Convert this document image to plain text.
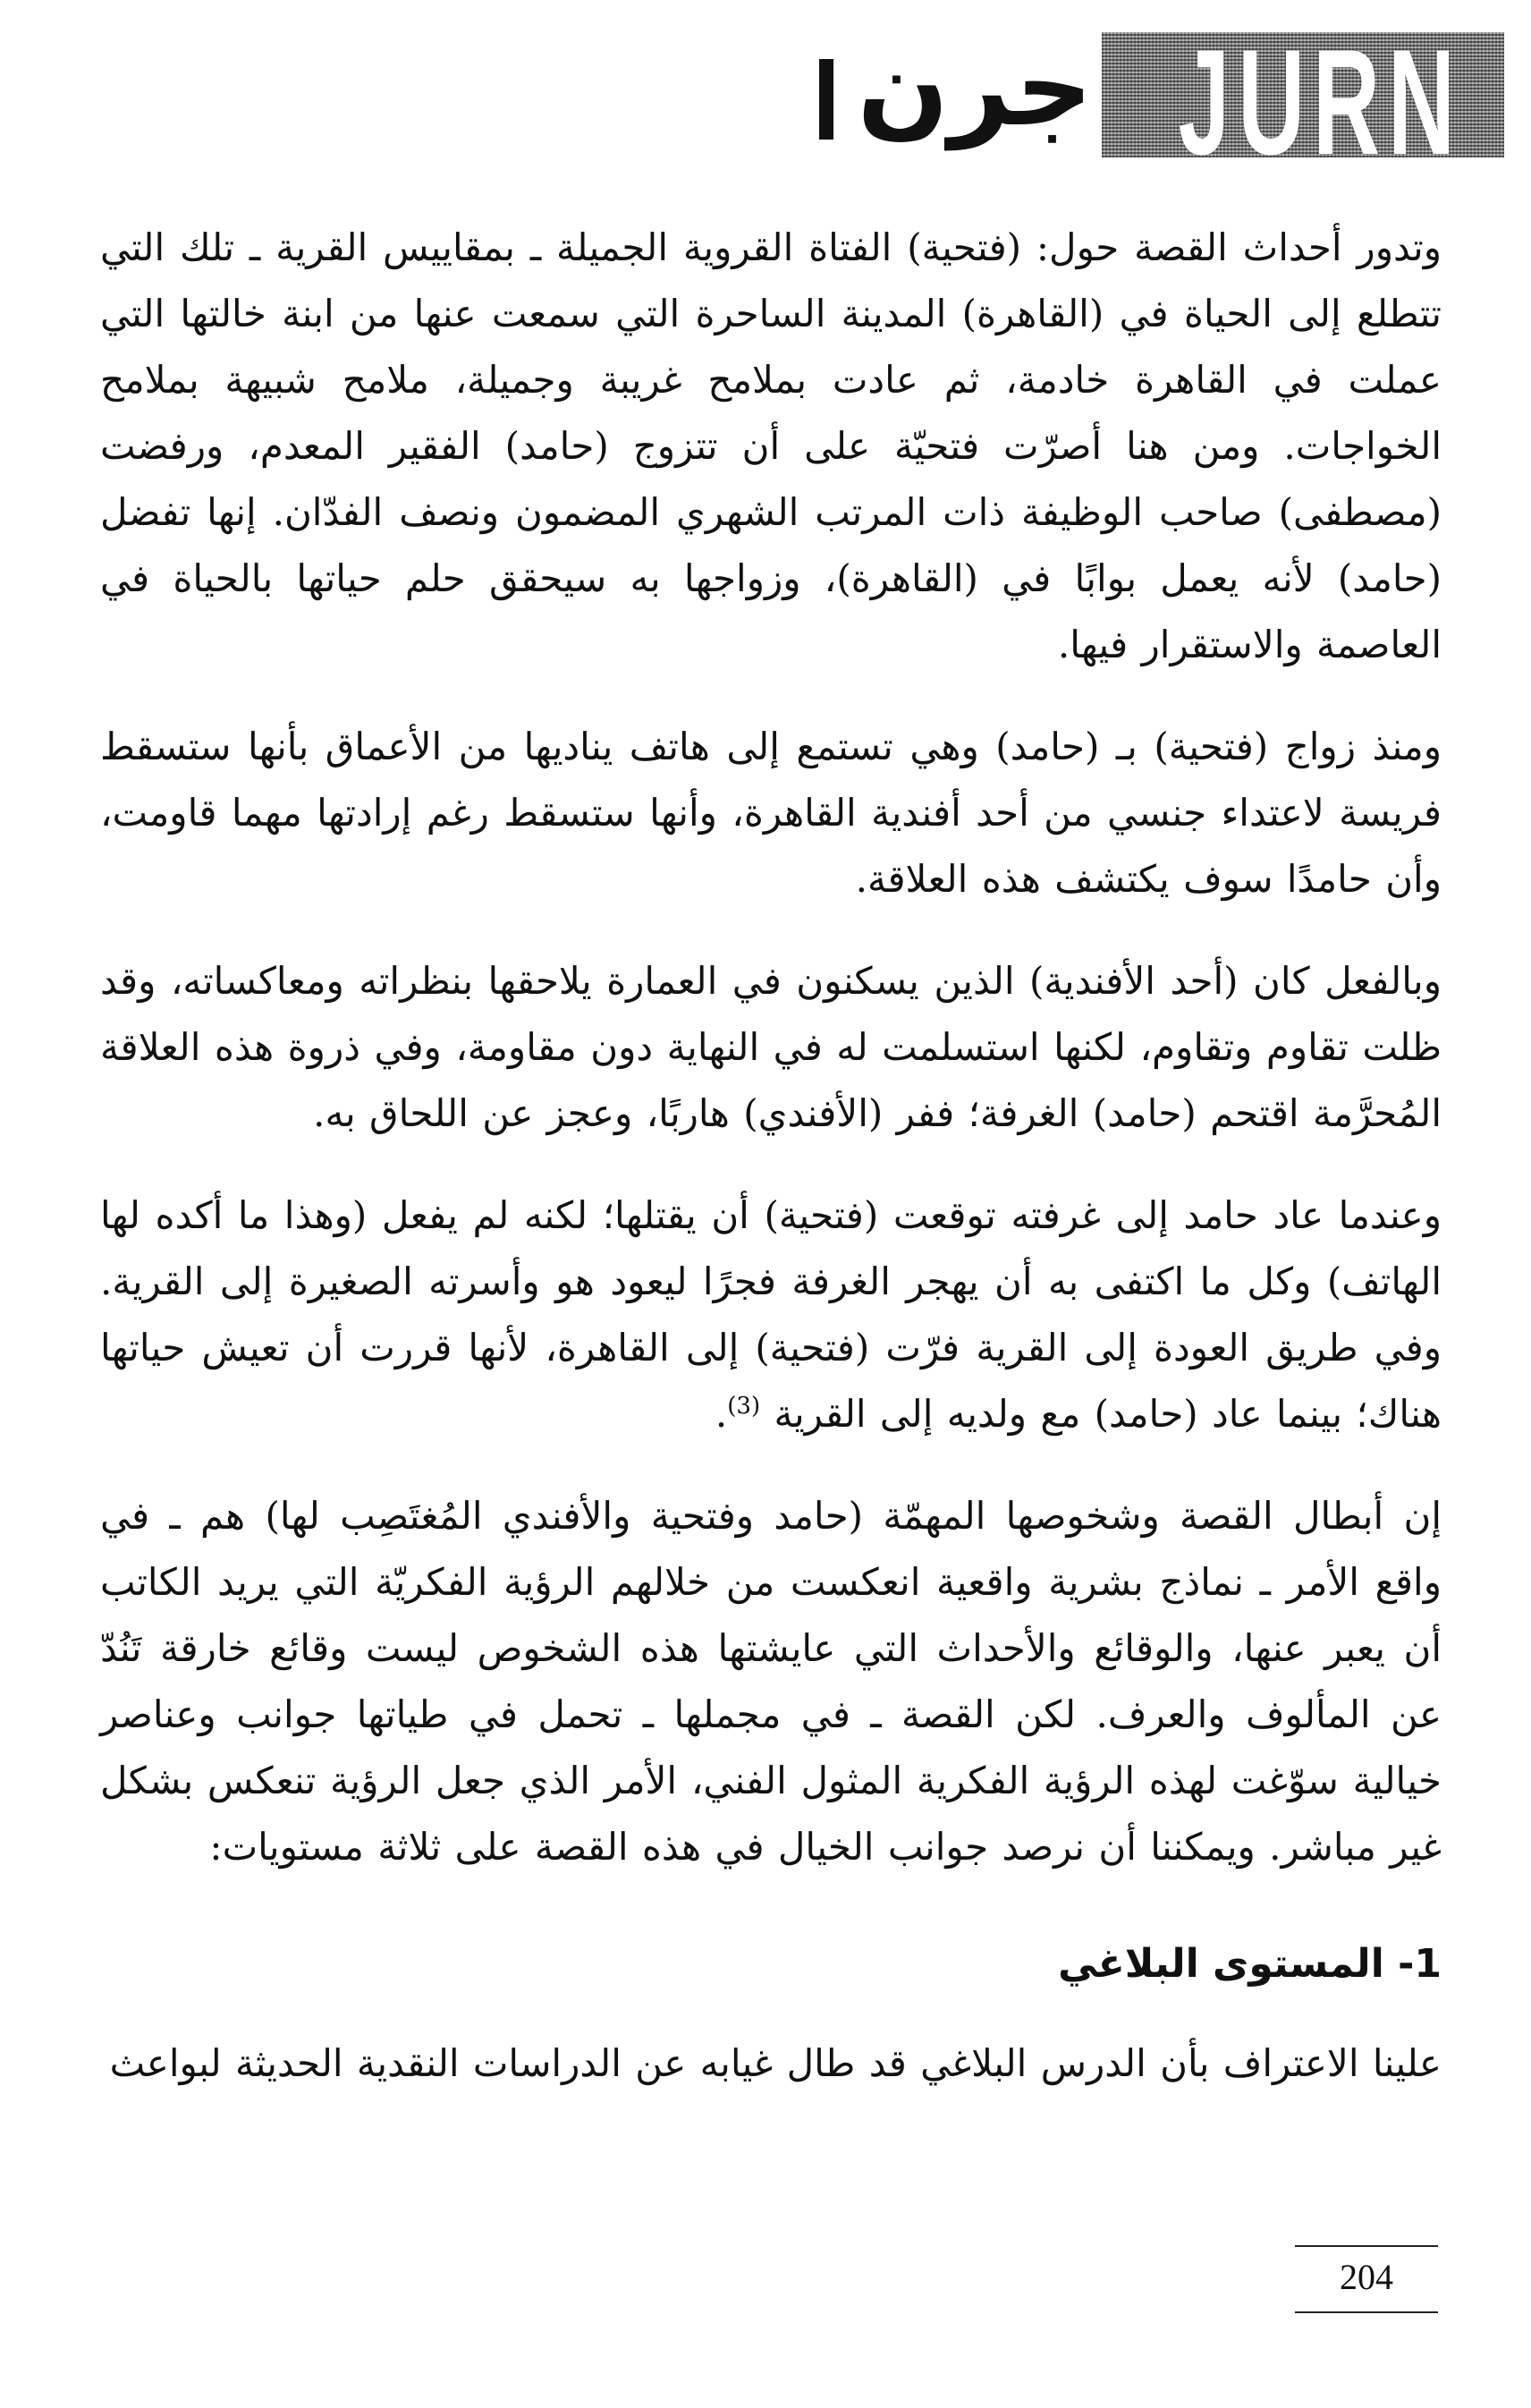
جرن JURN

وتدور أحداث القصة حول: (فتحية) الفتاة القروية الجميلة ـ بمقاييس القرية ـ تلك التي تتطلع إلى الحياة في (القاهرة) المدينة الساحرة التي سمعت عنها من ابنة خالتها التي عملت في القاهرة خادمة، ثم عادت بملامح غريبة وجميلة، ملامح شبيهة بملامح الخواجات. ومن هنا أصرّت فتحيّة على أن تتزوج (حامد) الفقير المعدم، ورفضت (مصطفى) صاحب الوظيفة ذات المرتب الشهري المضمون ونصف الفدّان. إنها تفضل (حامد) لأنه يعمل بوابًا في (القاهرة)، وزواجها به سيحقق حلم حياتها بالحياة في العاصمة والاستقرار فيها.

ومنذ زواج (فتحية) بـ (حامد) وهي تستمع إلى هاتف يناديها من الأعماق بأنها ستسقط فريسة لاعتداء جنسي من أحد أفندية القاهرة، وأنها ستسقط رغم إرادتها مهما قاومت، وأن حامدًا سوف يكتشف هذه العلاقة.

وبالفعل كان (أحد الأفندية) الذين يسكنون في العمارة يلاحقها بنظراته ومعاكساته، وقد ظلت تقاوم وتقاوم، لكنها استسلمت له في النهاية دون مقاومة، وفي ذروة هذه العلاقة المُحرَّمة اقتحم (حامد) الغرفة؛ ففر (الأفندي) هاربًا، وعجز عن اللحاق به.

وعندما عاد حامد إلى غرفته توقعت (فتحية) أن يقتلها؛ لكنه لم يفعل (وهذا ما أكده لها الهاتف) وكل ما اكتفى به أن يهجر الغرفة فجرًا ليعود هو وأسرته الصغيرة إلى القرية. وفي طريق العودة إلى القرية فرّت (فتحية) إلى القاهرة، لأنها قررت أن تعيش حياتها هناك؛ بينما عاد (حامد) مع ولديه إلى القرية $^{(3)}$.

إن أبطال القصة وشخوصها المهمّة (حامد وفتحية والأفندي المُغتَصِب لها) هم ـ في واقع الأمر ـ نماذج بشرية واقعية انعكست من خلالهم الرؤية الفكريّة التي يريد الكاتب أن يعبر عنها، والوقائع والأحداث التي عايشتها هذه الشخوص ليست وقائع خارقة تَنُدّ عن المألوف والعرف. لكن القصة ـ في مجملها ـ تحمل في طياتها جوانب وعناصر خيالية سوّغت لهذه الرؤية الفكرية المثول الفني، الأمر الذي جعل الرؤية تنعكس بشكل غير مباشر. ويمكننا أن نرصد جوانب الخيال في هذه القصة على ثلاثة مستويات:

1- المستوى البلاغي

علينا الاعتراف بأن الدرس البلاغي قد طال غيابه عن الدراسات النقدية الحديثة لبواعث

204
